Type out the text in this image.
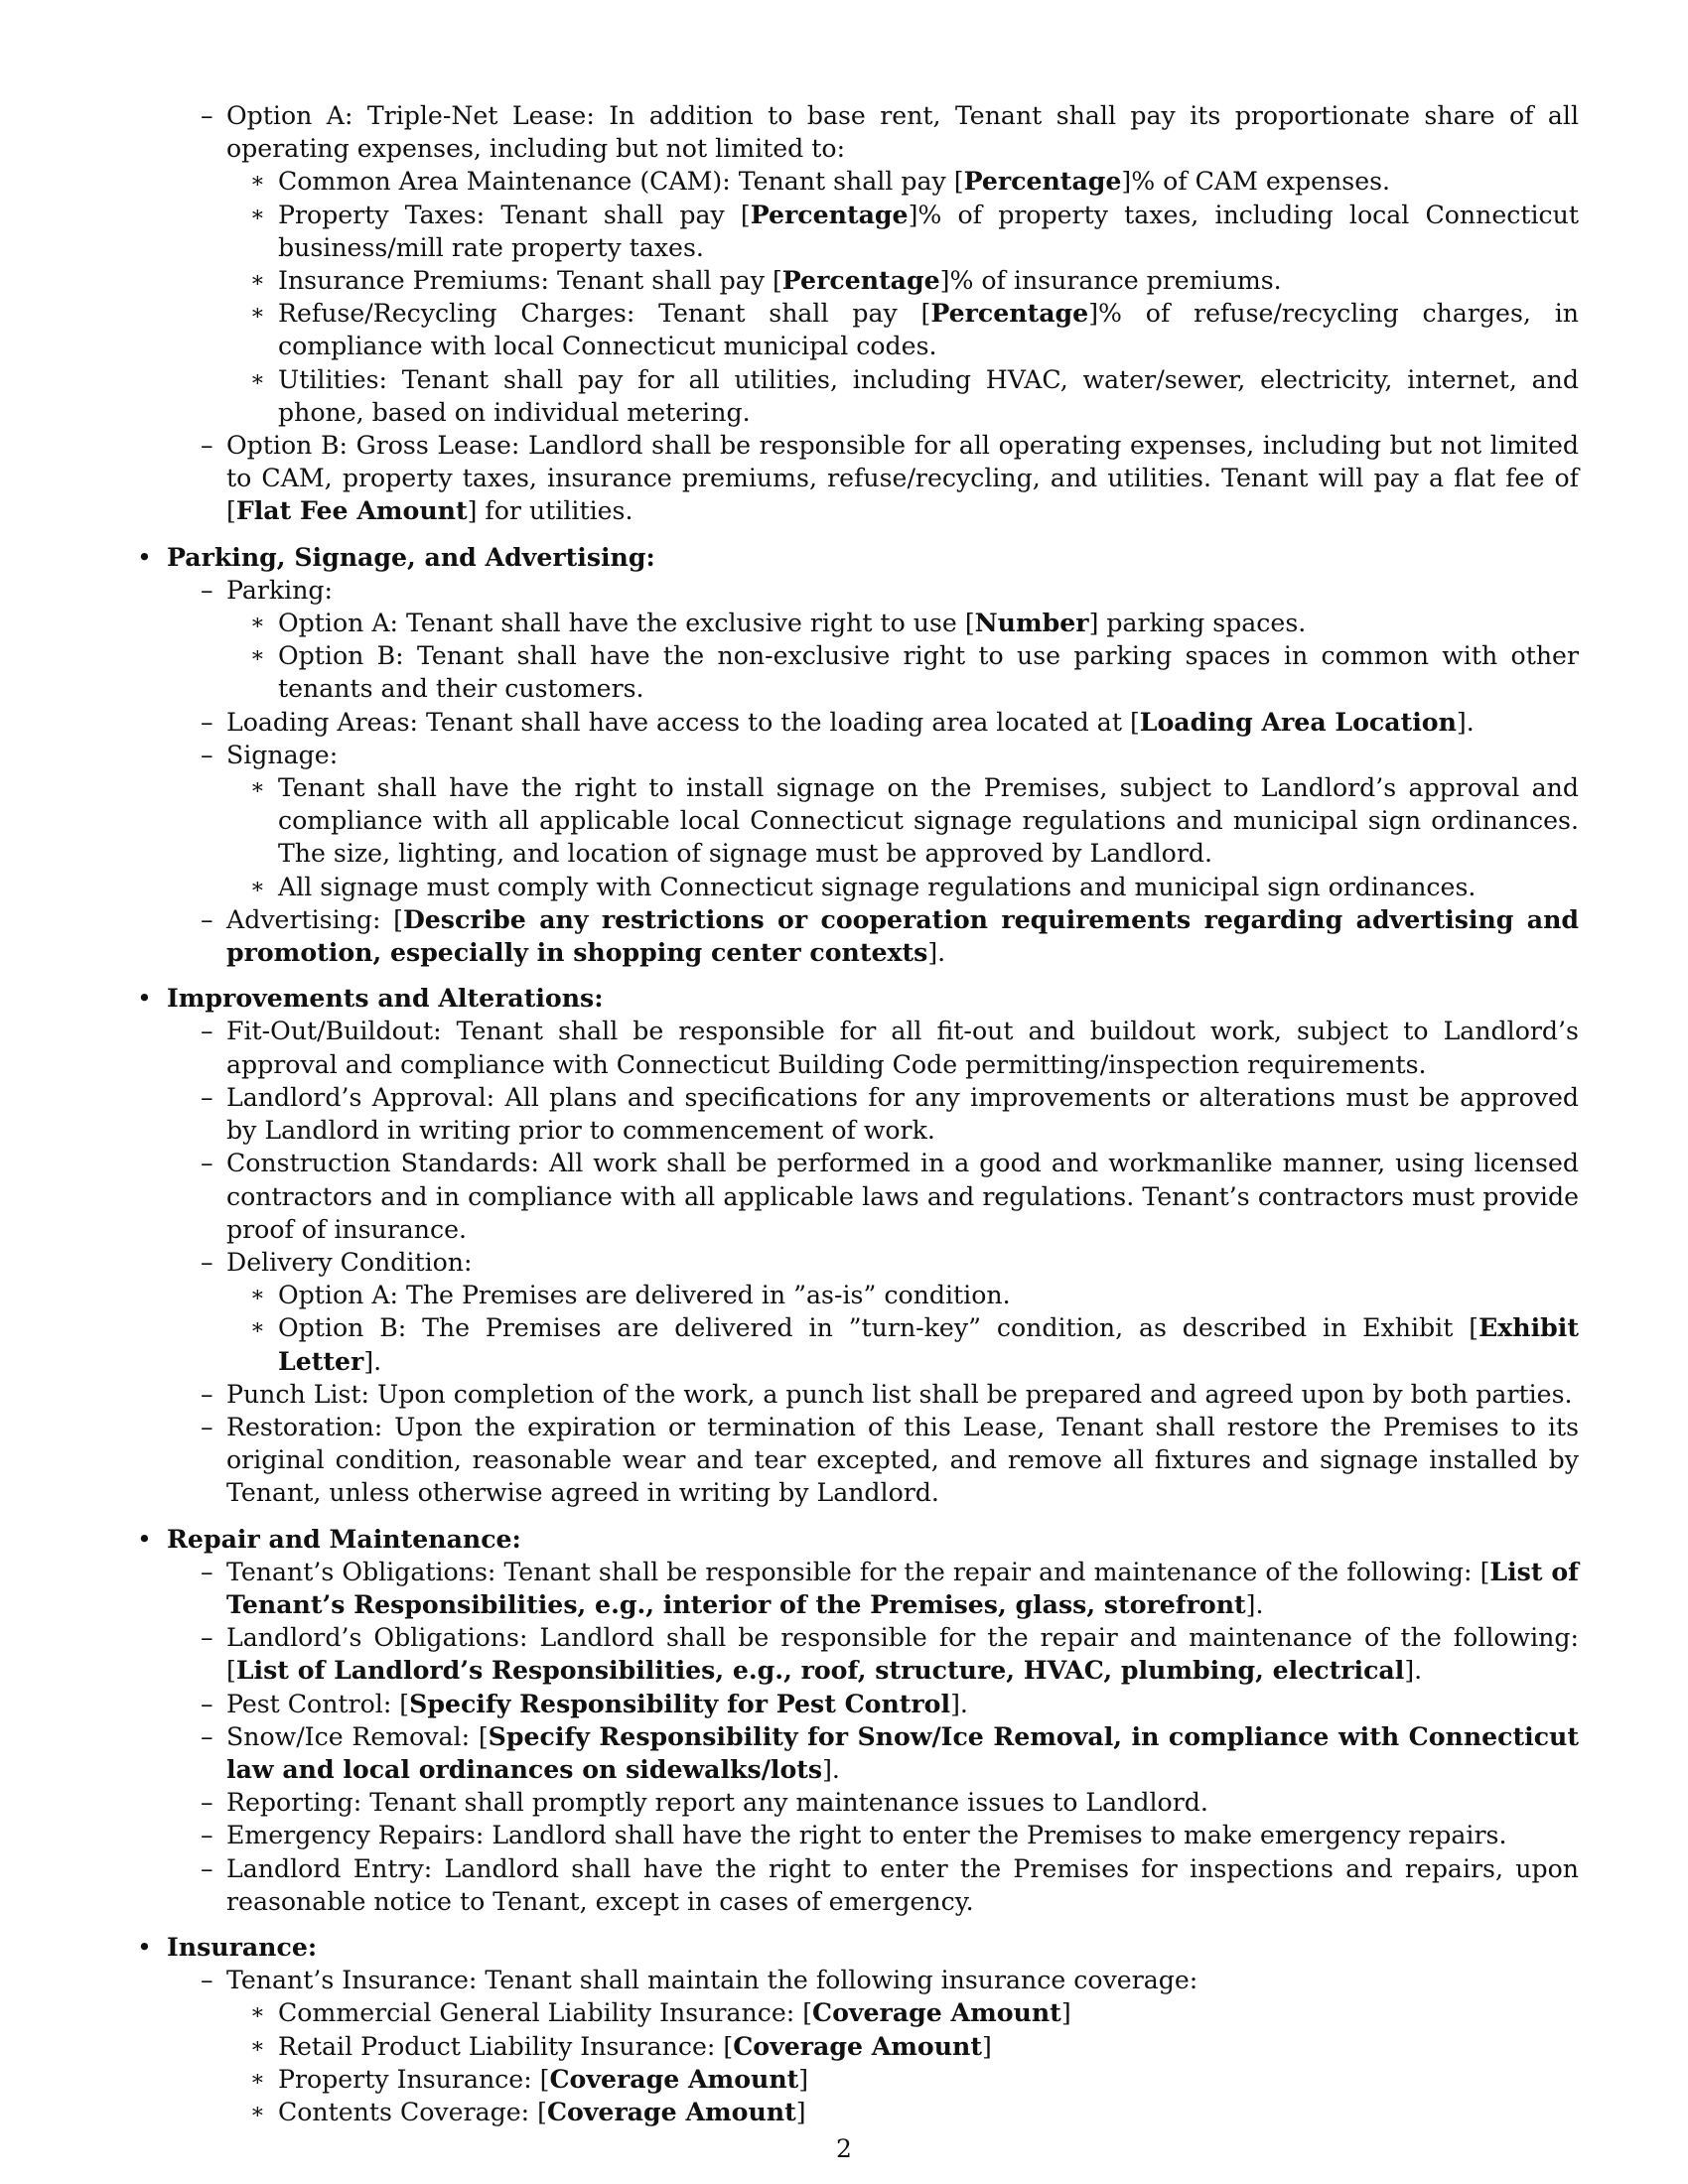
– Option A: Triple-Net Lease: In addition to base rent, Tenant shall pay its proportionate share of all operating expenses, including but not limited to:
∗ Common Area Maintenance (CAM): Tenant shall pay [Percentage]% of CAM expenses.
∗ Property Taxes: Tenant shall pay [Percentage]% of property taxes, including local Connecticut business/mill rate property taxes.
∗ Insurance Premiums: Tenant shall pay [Percentage]% of insurance premiums.
∗ Refuse/Recycling Charges: Tenant shall pay [Percentage]% of refuse/recycling charges, in compliance with local Connecticut municipal codes.
∗ Utilities: Tenant shall pay for all utilities, including HVAC, water/sewer, electricity, internet, and phone, based on individual metering.
– Option B: Gross Lease: Landlord shall be responsible for all operating expenses, including but not limited to CAM, property taxes, insurance premiums, refuse/recycling, and utilities. Tenant will pay a flat fee of [Flat Fee Amount] for utilities.
• Parking, Signage, and Advertising:
– Parking:
∗ Option A: Tenant shall have the exclusive right to use [Number] parking spaces.
∗ Option B: Tenant shall have the non-exclusive right to use parking spaces in common with other tenants and their customers.
– Loading Areas: Tenant shall have access to the loading area located at [Loading Area Location].
– Signage:
∗ Tenant shall have the right to install signage on the Premises, subject to Landlord’s approval and compliance with all applicable local Connecticut signage regulations and municipal sign ordinances. The size, lighting, and location of signage must be approved by Landlord.
∗ All signage must comply with Connecticut signage regulations and municipal sign ordinances.
– Advertising: [Describe any restrictions or cooperation requirements regarding advertising and promotion, especially in shopping center contexts].
• Improvements and Alterations:
– Fit-Out/Buildout: Tenant shall be responsible for all fit-out and buildout work, subject to Landlord’s approval and compliance with Connecticut Building Code permitting/inspection requirements.
– Landlord’s Approval: All plans and specifications for any improvements or alterations must be approved by Landlord in writing prior to commencement of work.
– Construction Standards: All work shall be performed in a good and workmanlike manner, using licensed contractors and in compliance with all applicable laws and regulations. Tenant’s contractors must provide proof of insurance.
– Delivery Condition:
∗ Option A: The Premises are delivered in ”as-is” condition.
∗ Option B: The Premises are delivered in ”turn-key” condition, as described in Exhibit [Exhibit Letter].
– Punch List: Upon completion of the work, a punch list shall be prepared and agreed upon by both parties.
– Restoration: Upon the expiration or termination of this Lease, Tenant shall restore the Premises to its original condition, reasonable wear and tear excepted, and remove all fixtures and signage installed by Tenant, unless otherwise agreed in writing by Landlord.
• Repair and Maintenance:
– Tenant’s Obligations: Tenant shall be responsible for the repair and maintenance of the following: [List of Tenant’s Responsibilities, e.g., interior of the Premises, glass, storefront].
– Landlord’s Obligations: Landlord shall be responsible for the repair and maintenance of the following: [List of Landlord’s Responsibilities, e.g., roof, structure, HVAC, plumbing, electrical].
– Pest Control: [Specify Responsibility for Pest Control].
– Snow/Ice Removal: [Specify Responsibility for Snow/Ice Removal, in compliance with Connecticut law and local ordinances on sidewalks/lots].
– Reporting: Tenant shall promptly report any maintenance issues to Landlord.
– Emergency Repairs: Landlord shall have the right to enter the Premises to make emergency repairs.
– Landlord Entry: Landlord shall have the right to enter the Premises for inspections and repairs, upon reasonable notice to Tenant, except in cases of emergency.
• Insurance:
– Tenant’s Insurance: Tenant shall maintain the following insurance coverage:
∗ Commercial General Liability Insurance: [Coverage Amount]
∗ Retail Product Liability Insurance: [Coverage Amount]
∗ Property Insurance: [Coverage Amount]
∗ Contents Coverage: [Coverage Amount]
2
